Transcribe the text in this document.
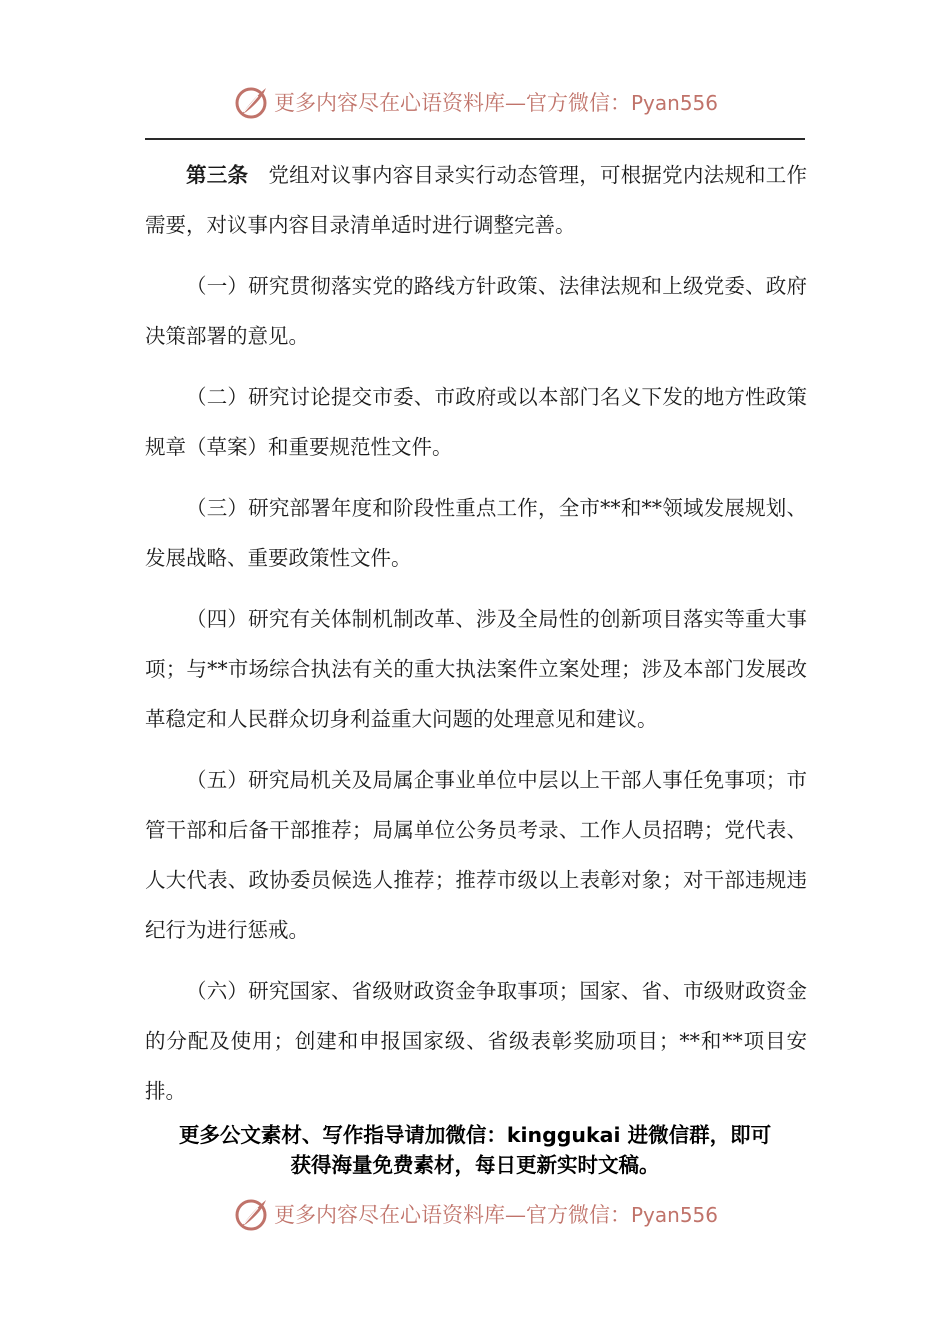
更多内容尽在心语资料库—官方微信：Pyan556

第三条 党组对议事内容目录实行动态管理，可根据党内法规和工作需要，对议事内容目录清单适时进行调整完善。

（一）研究贯彻落实党的路线方针政策、法律法规和上级党委、政府决策部署的意见。

（二）研究讨论提交市委、市政府或以本部门名义下发的地方性政策规章（草案）和重要规范性文件。

（三）研究部署年度和阶段性重点工作，全市**和**领域发展规划、发展战略、重要政策性文件。

（四）研究有关体制机制改革、涉及全局性的创新项目落实等重大事项；与**市场综合执法有关的重大执法案件立案处理；涉及本部门发展改革稳定和人民群众切身利益重大问题的处理意见和建议。

（五）研究局机关及局属企事业单位中层以上干部人事任免事项；市管干部和后备干部推荐；局属单位公务员考录、工作人员招聘；党代表、人大代表、政协委员候选人推荐；推荐市级以上表彰对象；对干部违规违纪行为进行惩戒。

（六）研究国家、省级财政资金争取事项；国家、省、市级财政资金的分配及使用；创建和申报国家级、省级表彰奖励项目；**和**项目安排。

更多公文素材、写作指导请加微信：kinggukai 进微信群，即可
获得海量免费素材，每日更新实时文稿。
更多内容尽在心语资料库—官方微信：Pyan556
